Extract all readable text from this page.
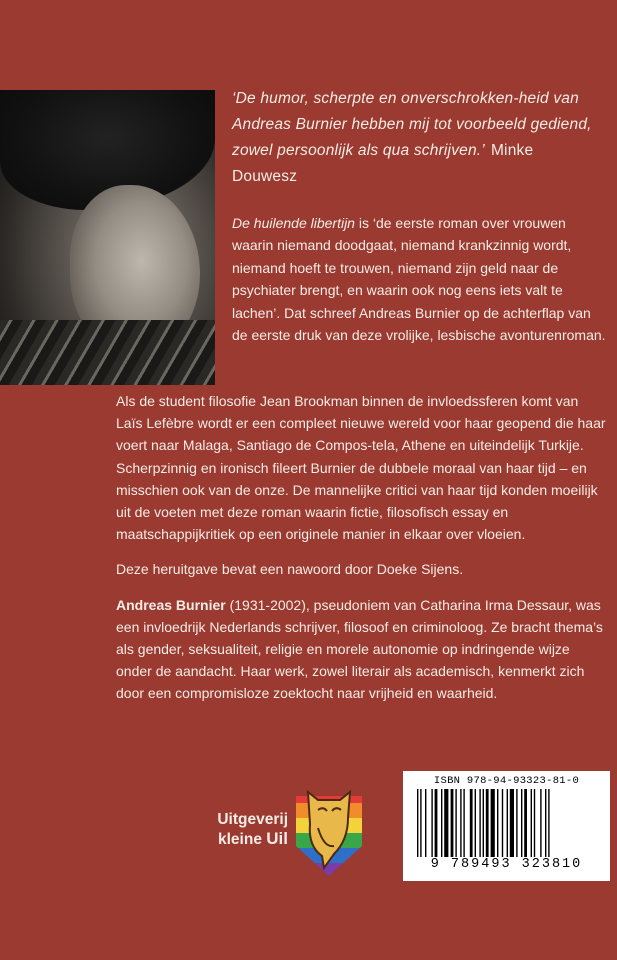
‘De humor, scherpte en onverschrokken-heid van Andreas Burnier hebben mij tot voorbeeld gediend, zowel persoonlijk als qua schrijven.’ Minke Douwesz
De huilende libertijn is ‘de eerste roman over vrouwen waarin niemand doodgaat, niemand krankzinnig wordt, niemand hoeft te trouwen, niemand zijn geld naar de psychiater brengt, en waarin ook nog eens iets valt te lachen’. Dat schreef Andreas Burnier op de achterflap van de eerste druk van deze vrolijke, lesbische avonturenroman.

Als de student filosofie Jean Brookman binnen de invloedssferen komt van Laïs Lefèbre wordt er een compleet nieuwe wereld voor haar geopend die haar voert naar Malaga, Santiago de Compos-tela, Athene en uiteindelijk Turkije. Scherpzinnig en ironisch fileert Burnier de dubbele moraal van haar tijd – en misschien ook van de onze. De mannelijke critici van haar tijd konden moeilijk uit de voeten met deze roman waarin fictie, filosofisch essay en maatschappijkritiek op een originele manier in elkaar over vloeien.

Deze heruitgave bevat een nawoord door Doeke Sijens.

Andreas Burnier (1931-2002), pseudoniem van Catharina Irma Dessaur, was een invloedrijk Nederlands schrijver, filosoof en criminoloog. Ze bracht thema’s als gender, seksualiteit, religie en morele autonomie op indringende wijze onder de aandacht. Haar werk, zowel literair als academisch, kenmerkt zich door een compromisloze zoektocht naar vrijheid en waarheid.

Uitgeverij
kleine Uil
ISBN 978-94-93323-81-0
9 789493 323810
